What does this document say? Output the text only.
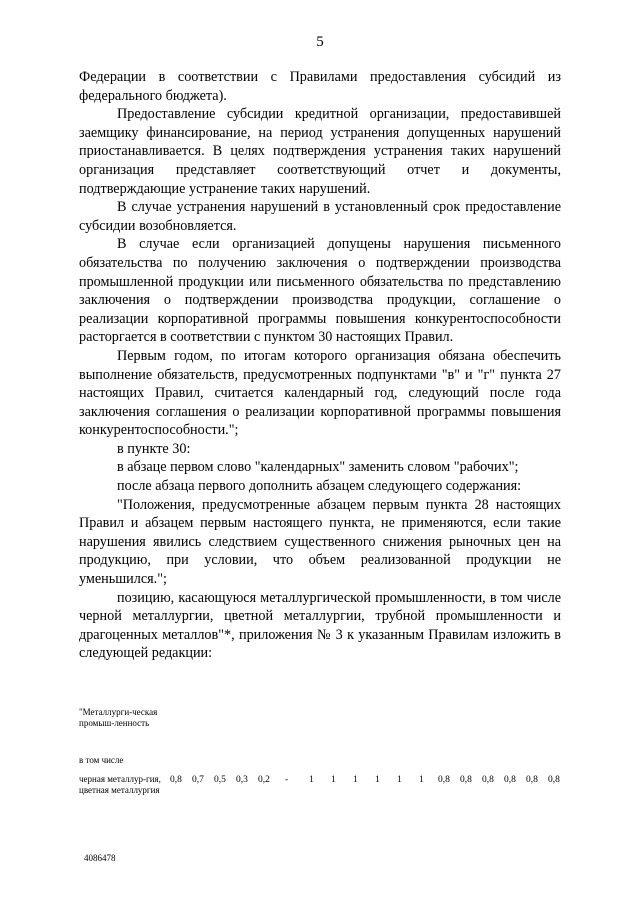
5

Федерации в соответствии с Правилами предоставления субсидий из федерального бюджета).

Предоставление субсидии кредитной организации, предоставившей заемщику финансирование, на период устранения допущенных нарушений приостанавливается. В целях подтверждения устранения таких нарушений организация представляет соответствующий отчет и документы, подтверждающие устранение таких нарушений.

В случае устранения нарушений в установленный срок предоставление субсидии возобновляется.

В случае если организацией допущены нарушения письменного обязательства по получению заключения о подтверждении производства промышленной продукции или письменного обязательства по представлению заключения о подтверждении производства продукции, соглашение о реализации корпоративной программы повышения конкурентоспособности расторгается в соответствии с пунктом 30 настоящих Правил.

Первым годом, по итогам которого организация обязана обеспечить выполнение обязательств, предусмотренных подпунктами "в" и "г" пункта 27 настоящих Правил, считается календарный год, следующий после года заключения соглашения о реализации корпоративной программы повышения конкурентоспособности.";

в пункте 30:

в абзаце первом слово "календарных" заменить словом "рабочих";

после абзаца первого дополнить абзацем следующего содержания:

"Положения, предусмотренные абзацем первым пункта 28 настоящих Правил и абзацем первым настоящего пункта, не применяются, если такие нарушения явились следствием существенного снижения рыночных цен на продукцию, при условии, что объем реализованной продукции не уменьшился.";

позицию, касающуюся металлургической промышленности, в том числе черной металлургии, цветной металлургии, трубной промышленности и драгоценных металлов"*, приложения № 3 к указанным Правилам изложить в следующей редакции:

"Металлурги-ческая промыш-ленность
в том числе
черная металлур-гия, цветная металлургия
0,8 0,7 0,5 0,3 0,2 - 1 1 1 1 1 1 0,8 0,8 0,8 0,8 0,8 0,8
4086478
